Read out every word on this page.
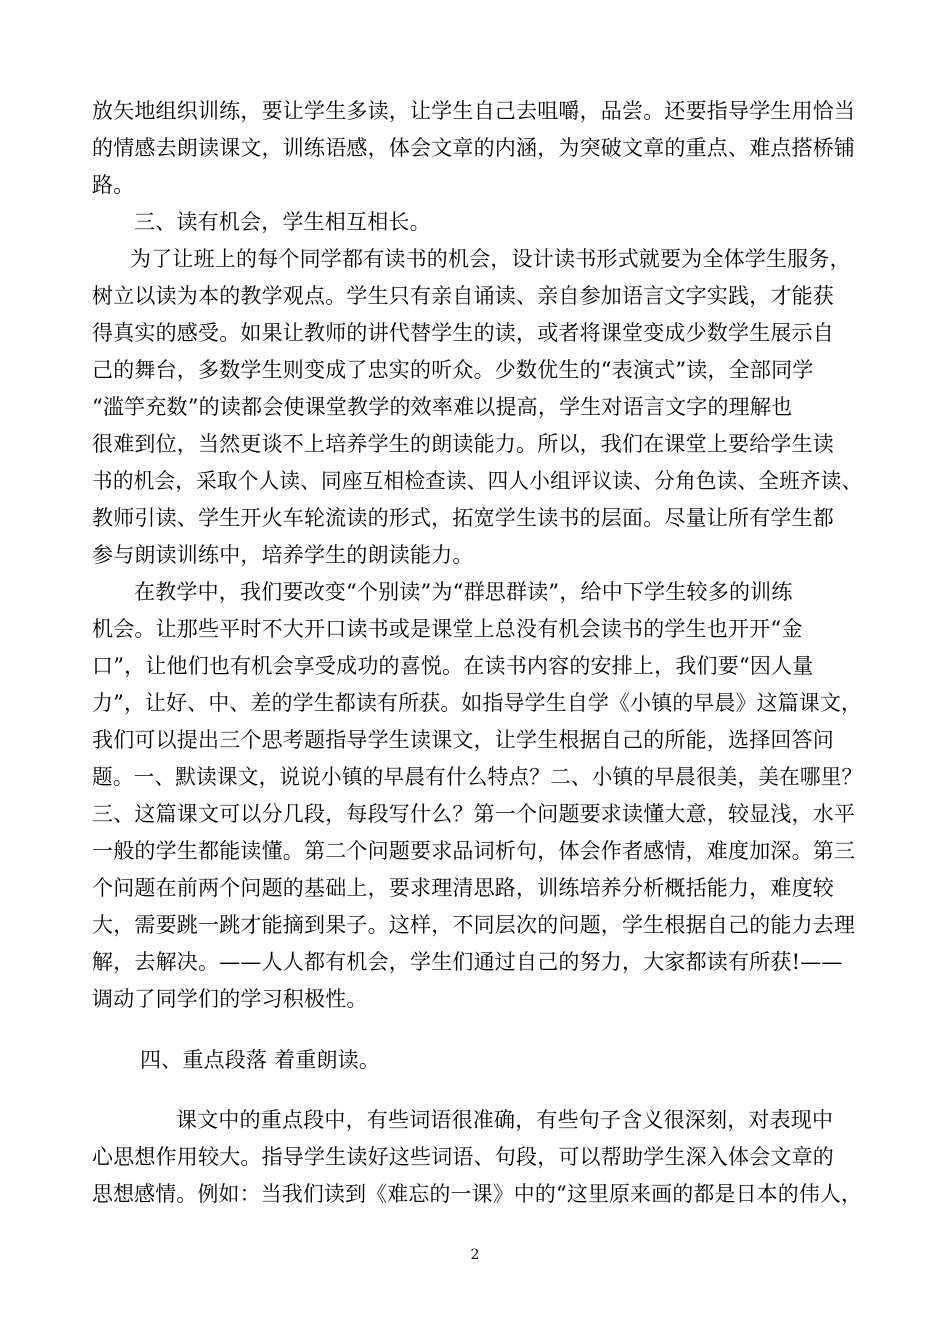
放矢地组织训练，要让学生多读，让学生自己去咀嚼，品尝。还要指导学生用恰当
的情感去朗读课文，训练语感，体会文章的内涵，为突破文章的重点、难点搭桥铺
路。
三、读有机会，学生相互相长。
为了让班上的每个同学都有读书的机会，设计读书形式就要为全体学生服务，
树立以读为本的教学观点。学生只有亲自诵读、亲自参加语言文字实践，才能获
得真实的感受。如果让教师的讲代替学生的读，或者将课堂变成少数学生展示自
己的舞台，多数学生则变成了忠实的听众。少数优生的“表演式”读，全部同学
“滥竽充数”的读都会使课堂教学的效率难以提高，学生对语言文字的理解也
很难到位，当然更谈不上培养学生的朗读能力。所以，我们在课堂上要给学生读
书的机会，采取个人读、同座互相检查读、四人小组评议读、分角色读、全班齐读、
教师引读、学生开火车轮流读的形式，拓宽学生读书的层面。尽量让所有学生都
参与朗读训练中，培养学生的朗读能力。
在教学中，我们要改变“个别读”为“群思群读”，给中下学生较多的训练
机会。让那些平时不大开口读书或是课堂上总没有机会读书的学生也开开“金
口”，让他们也有机会享受成功的喜悦。在读书内容的安排上，我们要“因人量
力”，让好、中、差的学生都读有所获。如指导学生自学《小镇的早晨》这篇课文，
我们可以提出三个思考题指导学生读课文，让学生根据自己的所能，选择回答问
题。一、默读课文，说说小镇的早晨有什么特点？二、小镇的早晨很美，美在哪里？
三、这篇课文可以分几段，每段写什么？第一个问题要求读懂大意，较显浅，水平
一般的学生都能读懂。第二个问题要求品词析句，体会作者感情，难度加深。第三
个问题在前两个问题的基础上，要求理清思路，训练培养分析概括能力，难度较
大，需要跳一跳才能摘到果子。这样，不同层次的问题，学生根据自己的能力去理
解，去解决。——人人都有机会，学生们通过自己的努力，大家都读有所获!——
调动了同学们的学习积极性。
四、重点段落 着重朗读。
课文中的重点段中，有些词语很准确，有些句子含义很深刻，对表现中
心思想作用较大。指导学生读好这些词语、句段，可以帮助学生深入体会文章的
思想感情。例如：当我们读到《难忘的一课》中的“这里原来画的都是日本的伟人，
2
